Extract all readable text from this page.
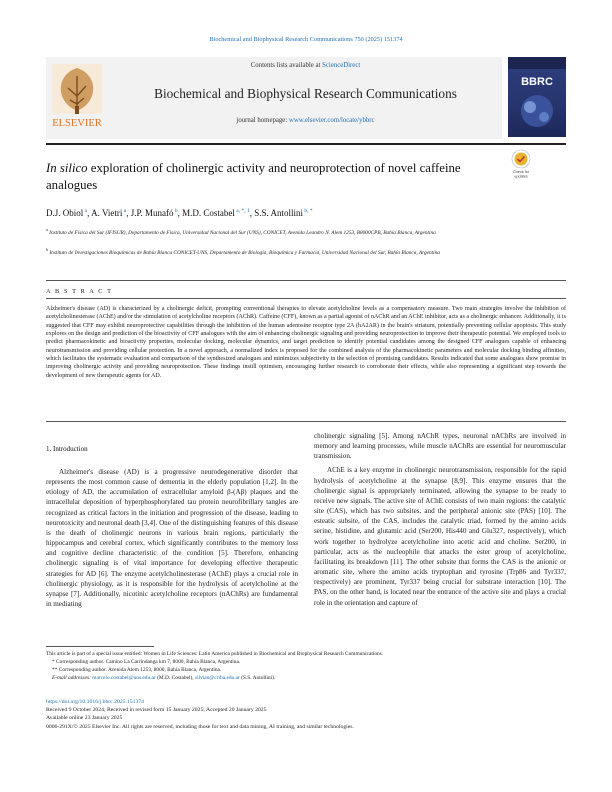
Biochemical and Biophysical Research Communications 750 (2025) 151374
ELSEVIER
Contents lists available at ScienceDirect
Biochemical and Biophysical Research Communications
journal homepage: www.elsevier.com/locate/ybbrc
BBRC
Check for
updates
In silico exploration of cholinergic activity and neuroprotection of novel caffeine analogues
D.J. Obiol $^a$, A. Vietri $^a$, J.P. Munafó $^b$, M.D. Costabel $^{a, *, 1}$, S.S. Antollini $^{b, *}$
$^a$ Instituto de Física del Sur (IFISUR), Departamento de Física, Universidad Nacional del Sur (UNS), CONICET, Avenida Leandro N. Alem 1253, B8000CPB, Bahía Blanca, Argentina
$^b$ Instituto de Investigaciones Bioquímicas de Bahía Blanca CONICET-UNS, Departamento de Biología, Bioquímica y Farmacia, Universidad Nacional del Sur, Bahía Blanca, Argentina
A B S T R A C T
Alzheimer's disease (AD) is characterized by a cholinergic deficit, prompting conventional therapies to elevate acetylcholine levels as a compensatory measure. Two main strategies involve the inhibition of acetylcholinesterase (AChE) and/or the stimulation of acetylcholine receptors (AChR). Caffeine (CFF), known as a partial agonist of nAChR and an AChE inhibitor, acts as a cholinergic enhancer. Additionally, it is suggested that CFF may exhibit neuroprotective capabilities through the inhibition of the human adenosine receptor type 2A (hA2AR) in the brain's striatum, potentially preventing cellular apoptosis. This study explores on the design and prediction of the bioactivity of CFF analogues with the aim of enhancing cholinergic signaling and providing neuroprotection to improve their therapeutic potential. We employed tools to predict pharmacokinetic and bioactivity properties, molecular docking, molecular dynamics, and target prediction to identify potential candidates among the designed CFF analogues capable of enhancing neurotransmission and providing cellular protection. In a novel approach, a normalized index is proposed for the combined analysis of the pharmacokinetic parameters and molecular docking binding affinities, which facilitates the systematic evaluation and comparison of the synthesized analogues and minimizes subjectivity in the selection of promising candidates. Results indicated that some analogues show promise in improving cholinergic activity and providing neuroprotection. These findings instill optimism, encouraging further research to corroborate their effects, while also representing a significant step towards the development of new therapeutic agents for AD.
1. Introduction
Alzheimer's disease (AD) is a progressive neurodegenerative disorder that represents the most common cause of dementia in the elderly population [1,2]. In the etiology of AD, the accumulation of extracellular amyloid β-(Aβ) plaques and the intracellular deposition of hyperphosphorylated tau protein neurofibrillary tangles are recognized as critical factors in the initiation and progression of the disease, leading to neurotoxicity and neuronal death [3,4]. One of the distinguishing features of this disease is the death of cholinergic neurons in various brain regions, particularly the hippocampus and cerebral cortex, which significantly contributes to the memory loss and cognitive decline characteristic of the condition [5]. Therefore, enhancing cholinergic signaling is of vital importance for developing effective therapeutic strategies for AD [6]. The enzyme acetylcholinesterase (AChE) plays a crucial role in cholinergic physiology, as it is responsible for the hydrolysis of acetylcholine at the synapse [7]. Additionally, nicotinic acetylcholine receptors (nAChRs) are fundamental in mediating

cholinergic signaling [5]. Among nAChR types, neuronal nAChRs are involved in memory and learning processes, while muscle nAChRs are essential for neuromuscular transmission.

AChE is a key enzyme in cholinergic neurotransmission, responsible for the rapid hydrolysis of acetylcholine at the synapse [8,9]. This enzyme ensures that the cholinergic signal is appropriately terminated, allowing the synapse to be ready to receive new signals. The active site of AChE consists of two main regions: the catalytic site (CAS), which has two subsites, and the peripheral anionic site (PAS) [10]. The esteatic subsite, of the CAS, includes the catalytic triad, formed by the amino acids serine, histidine, and glutamic acid (Ser200, His440 and Glu327, respectively), which work together to hydrolyze acetylcholine into acetic acid and choline. Ser200, in particular, acts as the nucleophile that attacks the ester group of acetylcholine, facilitating its breakdown [11]. The other subsite that forms the CAS is the anionic or aromatic site, where the amino acids tryptophan and tyrosine (Trp86 and Tyr337, respectively) are prominent, Tyr337 being crucial for substrate interaction [10]. The PAS, on the other hand, is located near the entrance of the active site and plays a crucial role in the orientation and capture of

This article is part of a special issue entitled: Women in Life Sciences: Latin America published in Biochemical and Biophysical Research Communications.
* Corresponding author. Camino La Carrindanga km 7, 8000, Bahía Blanca, Argentina.
** Corresponding author. Avenida Alem 1253, 8000, Bahía Blanca, Argentina.
E-mail addresses: marcelo.costabel@uns.edu.ar (M.D. Costabel), silvian@criba.edu.ar (S.S. Antollini).
https://doi.org/10.1016/j.bbrc.2025.151374
Received 9 October 2024; Received in revised form 15 January 2025; Accepted 20 January 2025
Available online 23 January 2025
0006-291X/© 2025 Elsevier Inc. All rights are reserved, including those for text and data mining, AI training, and similar technologies.
